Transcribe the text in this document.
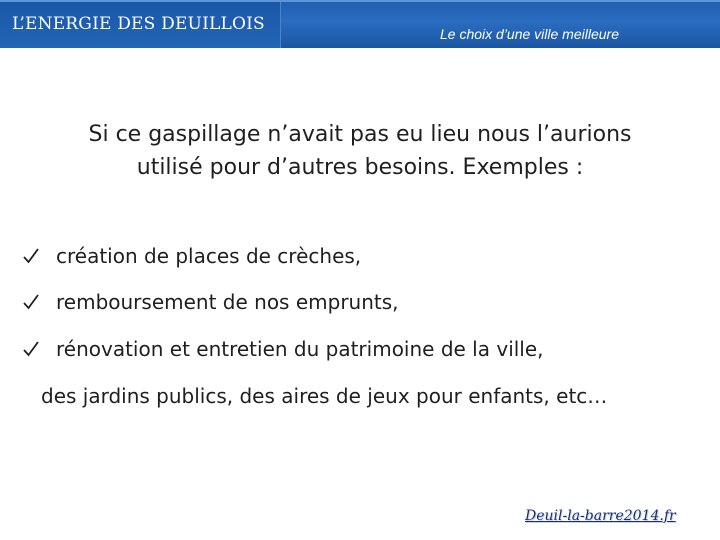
L’ENERGIE DES DEUILLOIS	Le choix d’une ville meilleure
Si ce gaspillage n’avait pas eu lieu nous l’aurions
utilisé pour d’autres besoins. Exemples :
création de places de crèches,
remboursement de nos emprunts,
rénovation et entretien du patrimoine de la ville,
des jardins publics, des aires de jeux pour enfants, etc…
Deuil-la-barre2014.fr
